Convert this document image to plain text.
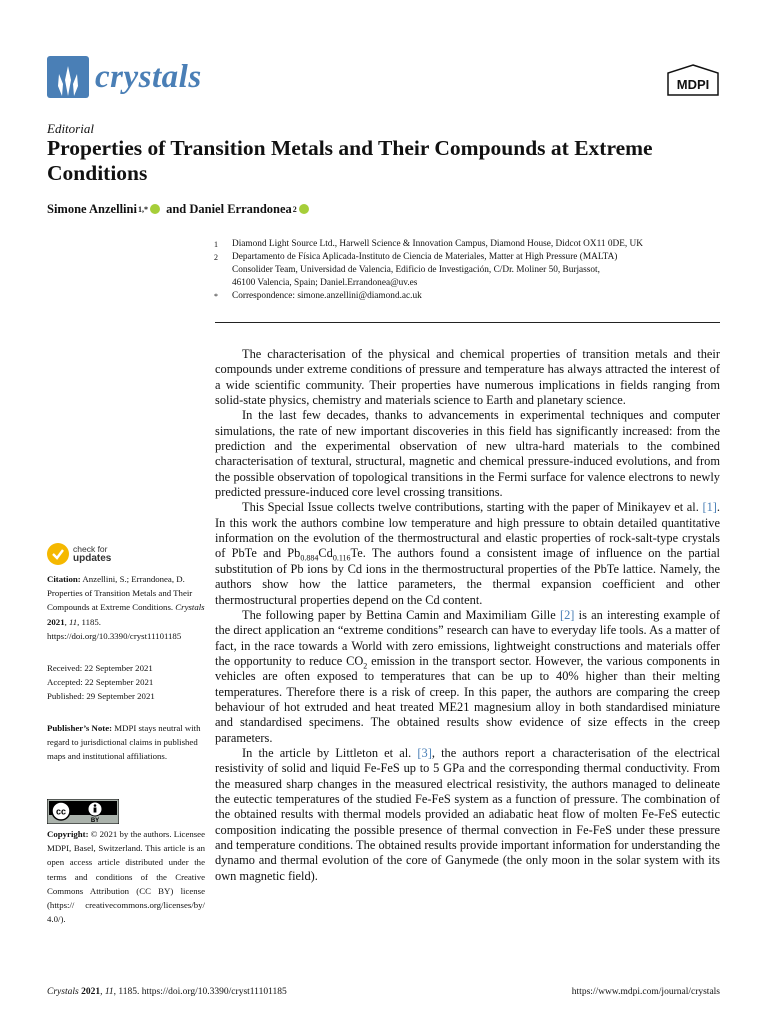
crystals	MDPI
Editorial
Properties of Transition Metals and Their Compounds at Extreme Conditions
Simone Anzellini 1,*
and Daniel Errandonea 2
1	Diamond Light Source Ltd., Harwell Science & Innovation Campus, Diamond House, Didcot OX11 0DE, UK
2	Departamento de Física Aplicada-Instituto de Ciencia de Materiales, Matter at High Pressure (MALTA)
Consolider Team, Universidad de Valencia, Edificio de Investigación, C/Dr. Moliner 50, Burjassot,
46100 Valencia, Spain; Daniel.Errandonea@uv.es
*	Correspondence: simone.anzellini@diamond.ac.uk

The characterisation of the physical and chemical properties of transition metals and their compounds under extreme conditions of pressure and temperature has always attracted the interest of a wide scientific community. Their properties have numerous implications in fields ranging from solid-state physics, chemistry and materials science to Earth and planetary science.

In the last few decades, thanks to advancements in experimental techniques and computer simulations, the rate of new important discoveries in this field has significantly increased: from the prediction and the experimental observation of new ultra-hard materials to the combined characterisation of textural, structural, magnetic and chemical pressure-induced evolutions, and from the possible observation of topological transitions in the Fermi surface for valence electrons to newly predicted pressure-induced core level crossing transitions.

This Special Issue collects twelve contributions, starting with the paper of Minikayev et al. [1]. In this work the authors combine low temperature and high pressure to obtain detailed quantitative information on the evolution of the thermostructural and elastic properties of rock-salt-type crystals of PbTe and $Pb_{0.884}Cd_{0.116}Te$. The authors found a consistent image of influence on the partial substitution of Pb ions by Cd ions in the thermostructural properties of the PbTe lattice. Namely, the authors show how the lattice parameters, the thermal expansion coefficient and other thermostructural properties depend on the Cd content.

The following paper by Bettina Camin and Maximiliam Gille [2] is an interesting example of the direct application an “extreme conditions” research can have to everyday life tools. As a matter of fact, in the race towards a World with zero emissions, lightweight constructions and materials offer the opportunity to reduce $CO_2$ emission in the transport sector. However, the various components in vehicles are often exposed to temperatures that can be up to 40% higher than their melting temperatures. Therefore there is a risk of creep. In this paper, the authors are comparing the creep behaviour of hot extruded and heat treated ME21 magnesium alloy in both standardised miniature and standardised specimens. The obtained results show evidence of size effects in the creep parameters.

In the article by Littleton et al. [3], the authors report a characterisation of the electrical resistivity of solid and liquid Fe-FeS up to 5 GPa and the corresponding thermal conductivity. From the measured sharp changes in the measured electrical resistivity, the authors managed to delineate the eutectic temperatures of the studied Fe-FeS system as a function of pressure. The combination of the obtained results with thermal models provided an adiabatic heat flow of molten Fe-FeS eutectic composition indicating the possible presence of thermal convection in Fe-FeS under these pressure and temperature conditions. The obtained results provide important information for understanding the dynamo and thermal evolution of the core of Ganymede (the only moon in the solar system with its own magnetic field).

check for
updates
Citation: Anzellini, S.; Errandonea, D. Properties of Transition Metals and Their Compounds at Extreme Conditions. Crystals 2021, 11, 1185. https://doi.org/10.3390/cryst11101185
Received: 22 September 2021
Accepted: 22 September 2021
Published: 29 September 2021
Publisher’s Note: MDPI stays neutral with regard to jurisdictional claims in published maps and institutional affiliations.
cc
BY
Copyright: © 2021 by the authors. Licensee MDPI, Basel, Switzerland. This article is an open access article distributed under the terms and conditions of the Creative Commons Attribution (CC BY) license (https:// creativecommons.org/licenses/by/ 4.0/).
Crystals 2021, 11, 1185. https://doi.org/10.3390/cryst11101185	https://www.mdpi.com/journal/crystals
